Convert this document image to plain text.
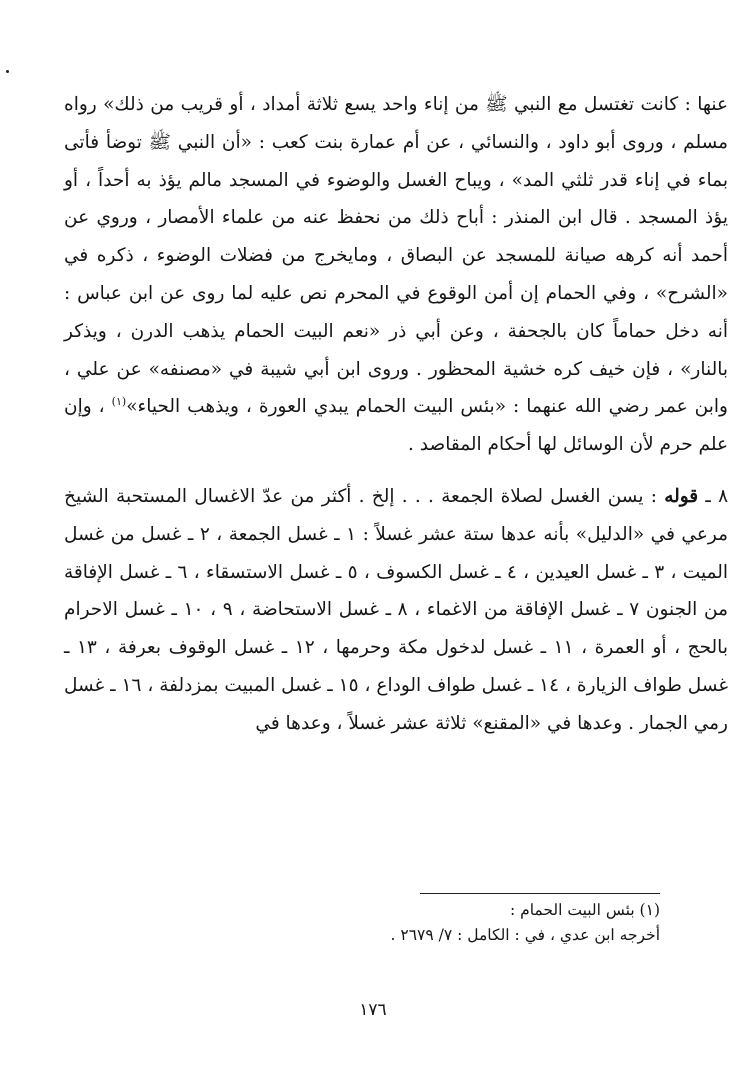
عنها : كانت تغتسل مع النبي ﷺ من إناء واحد يسع ثلاثة أمداد ، أو قريب من ذلك» رواه مسلم ، وروى أبو داود ، والنسائي ، عن أم عمارة بنت كعب : «أن النبي ﷺ توضأ فأتى بماء في إناء قدر ثلثي المد» ، ويباح الغسل والوضوء في المسجد مالم يؤذ به أحداً ، أو يؤذ المسجد . قال ابن المنذر : أباح ذلك من نحفظ عنه من علماء الأمصار ، وروي عن أحمد أنه كرهه صيانة للمسجد عن البصاق ، ومايخرج من فضلات الوضوء ، ذكره في «الشرح» ، وفي الحمام إن أمن الوقوع في المحرم نص عليه لما روى عن ابن عباس : أنه دخل حماماً كان بالجحفة ، وعن أبي ذر «نعم البيت الحمام يذهب الدرن ، ويذكر بالنار» ، فإن خيف كره خشية المحظور . وروى ابن أبي شيبة في «مصنفه» عن علي ، وابن عمر رضي الله عنهما : «بئس البيت الحمام يبدي العورة ، ويذهب الحياء»$^{(١)}$ ، وإن علم حرم لأن الوسائل لها أحكام المقاصد .

٨ ـ قوله : يسن الغسل لصلاة الجمعة . . . إلخ . أكثر من عدّ الاغسال المستحبة الشيخ مرعي في «الدليل» بأنه عدها ستة عشر غسلاً : ١ ـ غسل الجمعة ، ٢ ـ غسل من غسل الميت ، ٣ ـ غسل العيدين ، ٤ ـ غسل الكسوف ، ٥ ـ غسل الاستسقاء ، ٦ ـ غسل الإفاقة من الجنون ٧ ـ غسل الإفاقة من الاغماء ، ٨ ـ غسل الاستحاضة ، ٩ ، ١٠ ـ غسل الاحرام بالحج ، أو العمرة ، ١١ ـ غسل لدخول مكة وحرمها ، ١٢ ـ غسل الوقوف بعرفة ، ١٣ ـ غسل طواف الزيارة ، ١٤ ـ غسل طواف الوداع ، ١٥ ـ غسل المبيت بمزدلفة ، ١٦ ـ غسل رمي الجمار . وعدها في «المقنع» ثلاثة عشر غسلاً ، وعدها في

(١) بئس البيت الحمام :

أخرجه ابن عدي ، في : الكامل : ٧/ ٢٦٧٩ .

١٧٦
